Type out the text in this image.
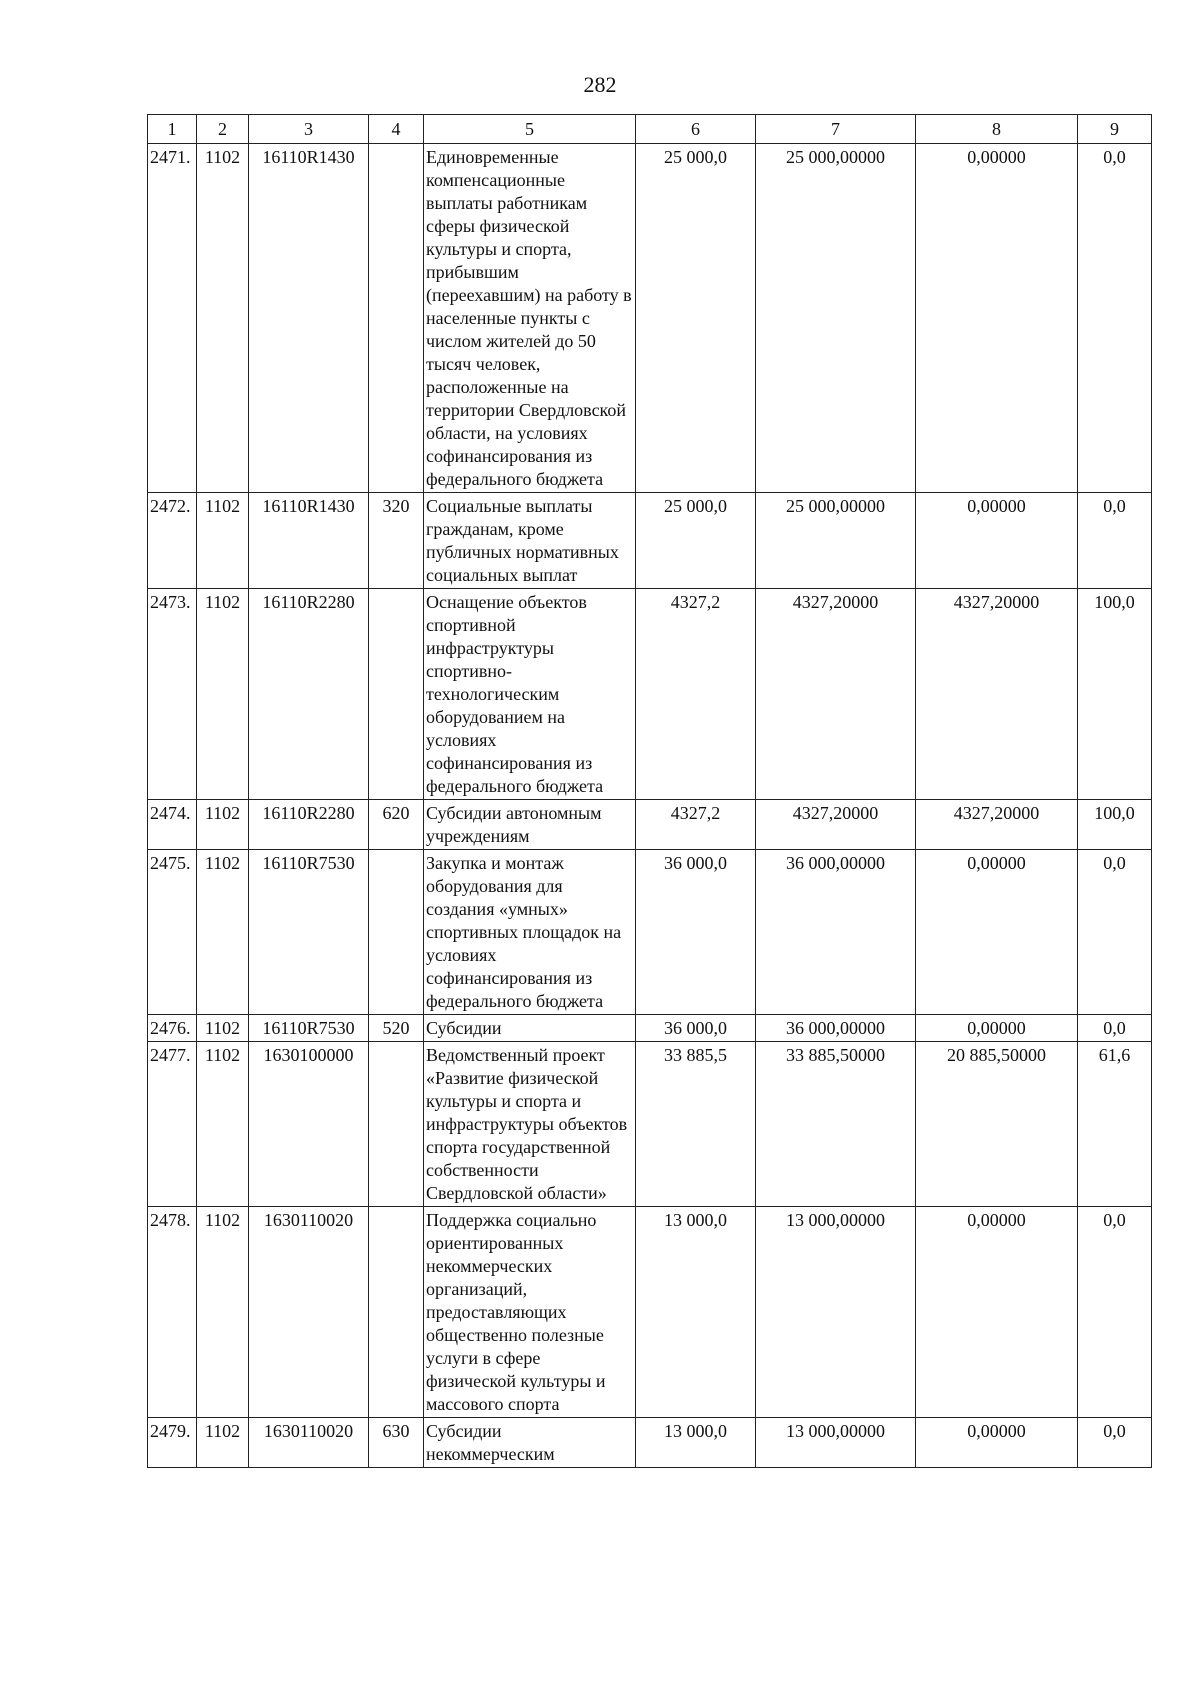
282
1	2	3	4	5	6	7	8	9
2471.	1102	16110R1430		Единовременные компенсационные выплаты работникам сферы физической культуры и спорта, прибывшим (переехавшим) на работу в населенные пункты с числом жителей до 50 тысяч человек, расположенные на территории Свердловской области, на условиях софинансирования из федерального бюджета	25 000,0	25 000,00000	0,00000	0,0
2472.	1102	16110R1430	320	Социальные выплаты гражданам, кроме публичных нормативных социальных выплат	25 000,0	25 000,00000	0,00000	0,0
2473.	1102	16110R2280		Оснащение объектов спортивной инфраструктуры спортивно-технологическим оборудованием на условиях софинансирования из федерального бюджета	4327,2	4327,20000	4327,20000	100,0
2474.	1102	16110R2280	620	Субсидии автономным учреждениям	4327,2	4327,20000	4327,20000	100,0
2475.	1102	16110R7530		Закупка и монтаж оборудования для создания «умных» спортивных площадок на условиях софинансирования из федерального бюджета	36 000,0	36 000,00000	0,00000	0,0
2476.	1102	16110R7530	520	Субсидии	36 000,0	36 000,00000	0,00000	0,0
2477.	1102	1630100000		Ведомственный проект «Развитие физической культуры и спорта и инфраструктуры объектов спорта государственной собственности Свердловской области»	33 885,5	33 885,50000	20 885,50000	61,6
2478.	1102	1630110020		Поддержка социально ориентированных некоммерческих организаций, предоставляющих общественно полезные услуги в сфере физической культуры и массового спорта	13 000,0	13 000,00000	0,00000	0,0
2479.	1102	1630110020	630	Субсидии некоммерческим	13 000,0	13 000,00000	0,00000	0,0
